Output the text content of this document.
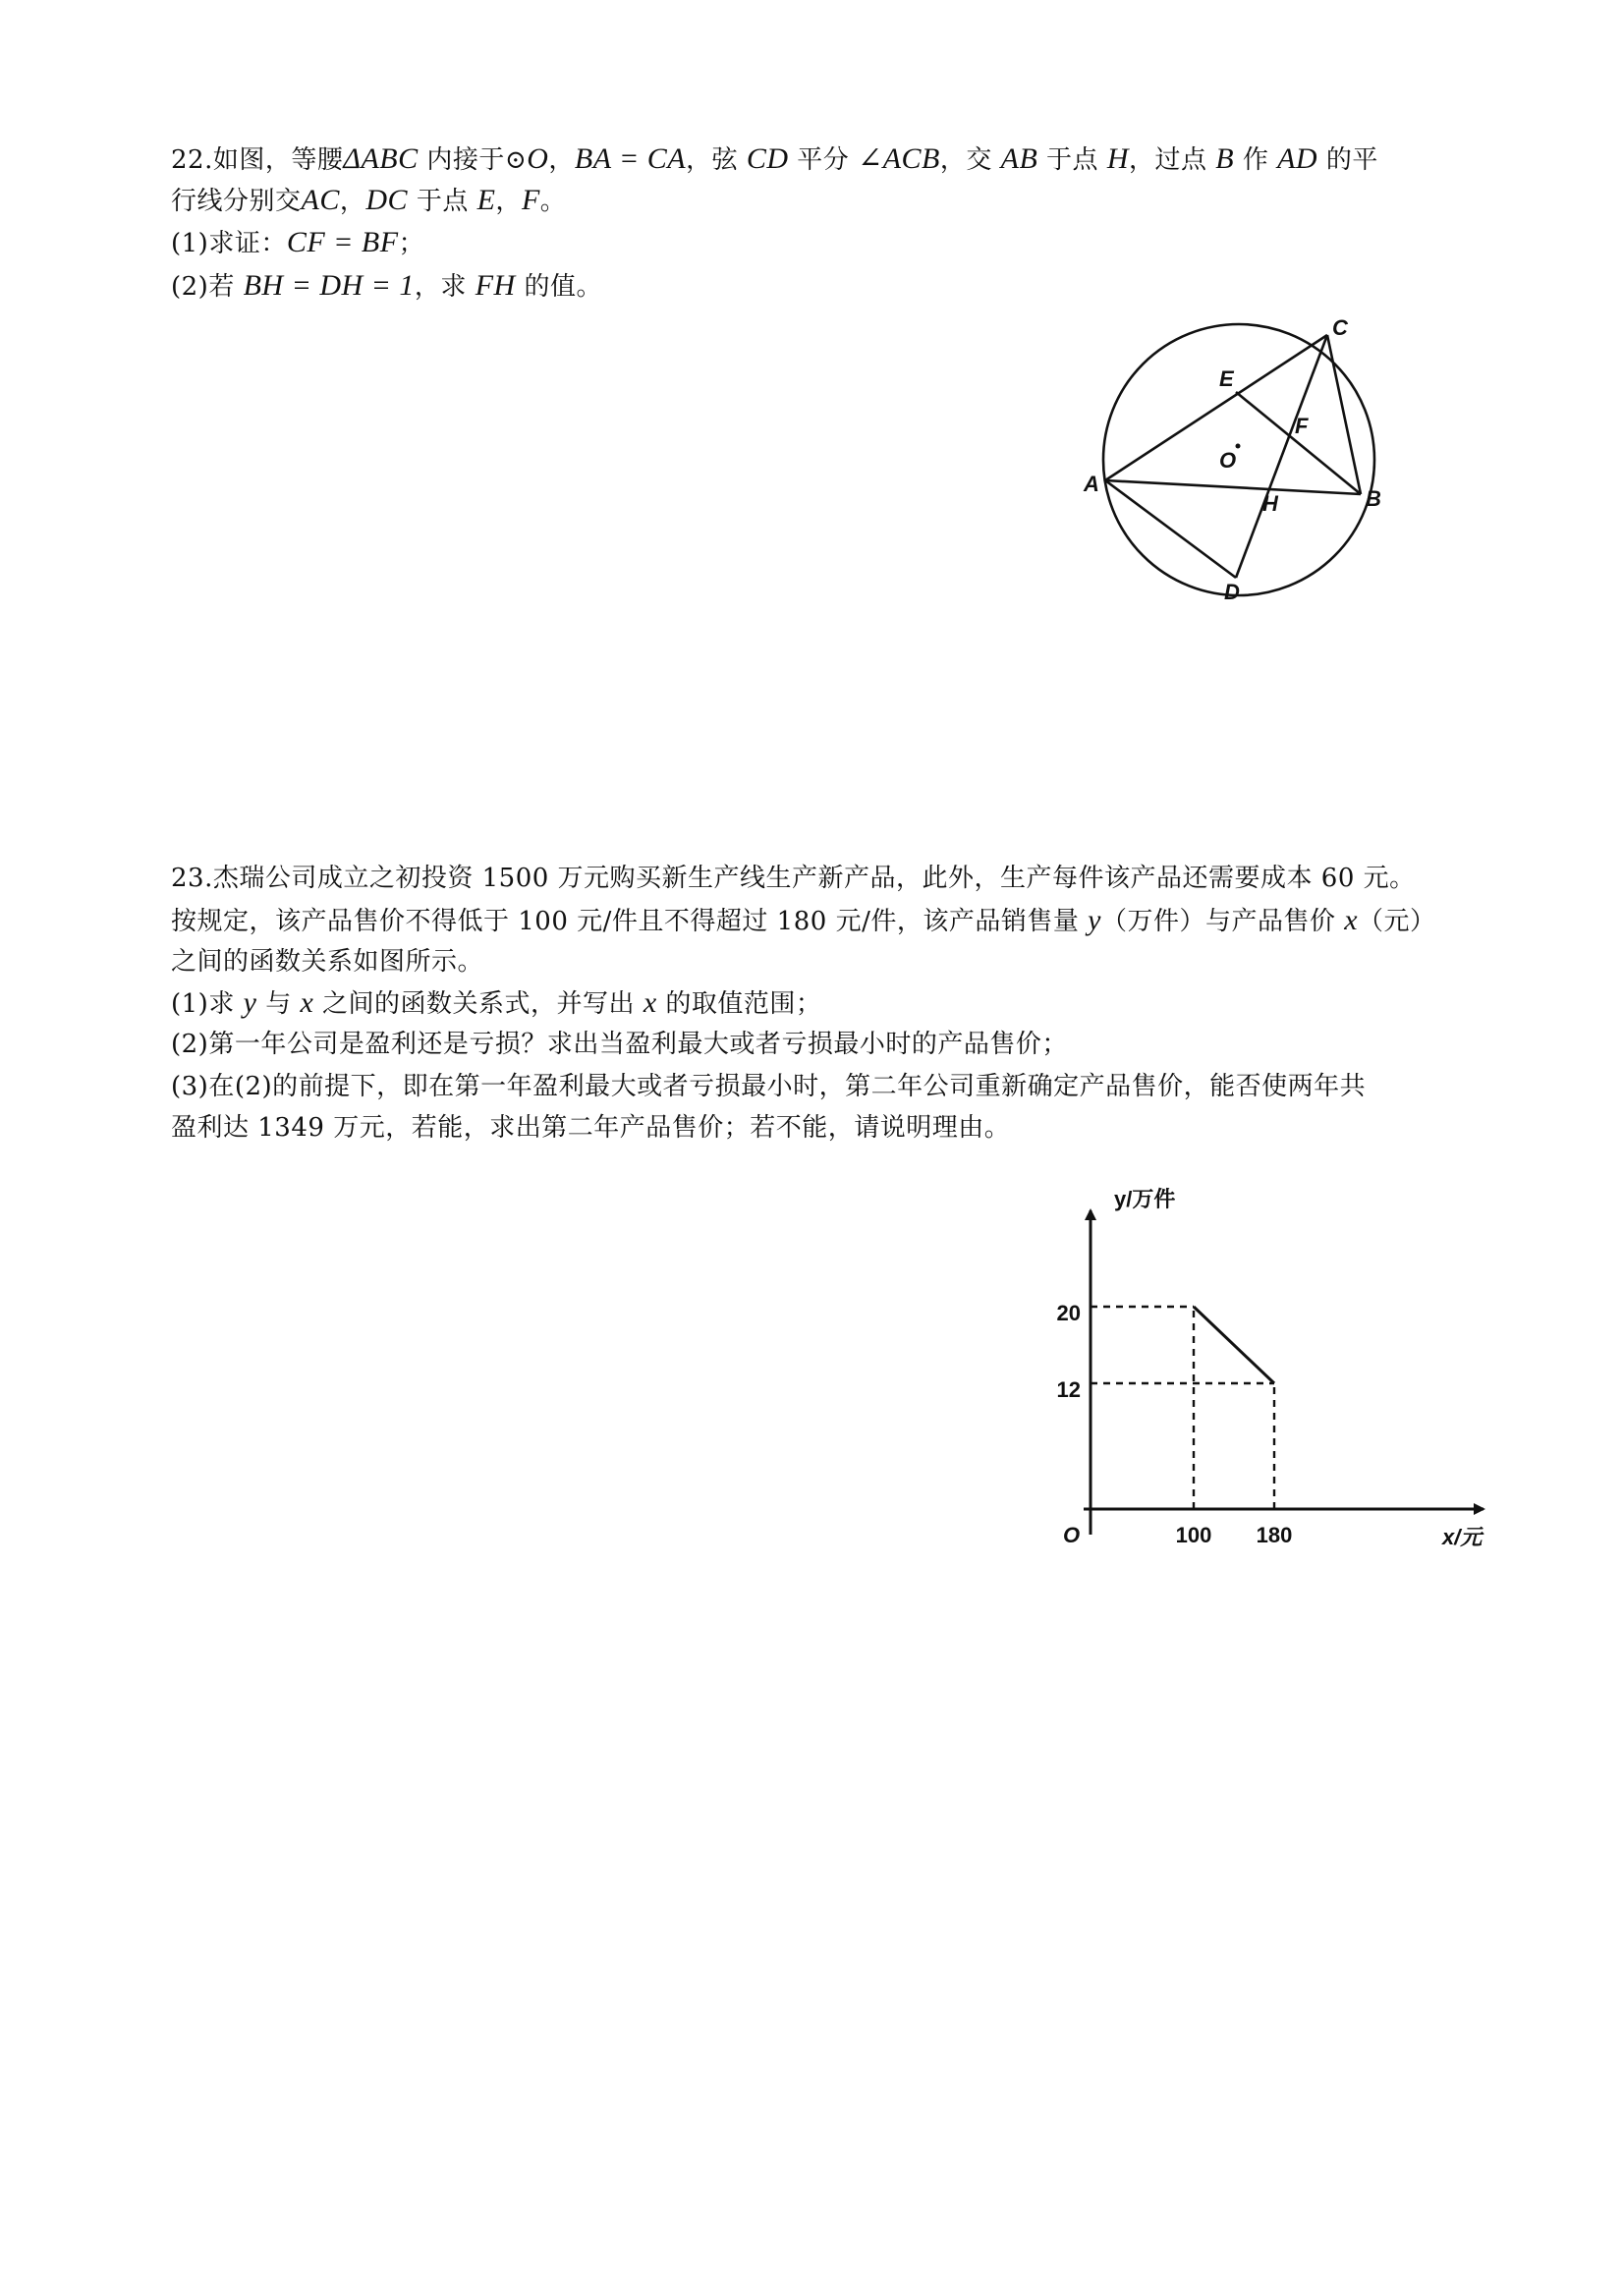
22.如图，等腰ΔABC 内接于⊙O，BA = CA，弦 CD 平分 ∠ACB，交 AB 于点 H，过点 B 作 AD 的平
行线分别交AC，DC 于点 E，F。
(1)求证：CF = BF；
(2)若 BH = DH = 1，求 FH 的值。
C
E
F
O
A
H	B
D
23.杰瑞公司成立之初投资 1500 万元购买新生产线生产新产品，此外，生产每件该产品还需要成本 60 元。
按规定，该产品售价不得低于 100 元/件且不得超过 180 元/件，该产品销售量 y（万件）与产品售价 x（元）
之间的函数关系如图所示。
(1)求 y 与 x 之间的函数关系式，并写出 x 的取值范围；
(2)第一年公司是盈利还是亏损？求出当盈利最大或者亏损最小时的产品售价；
(3)在(2)的前提下，即在第一年盈利最大或者亏损最小时，第二年公司重新确定产品售价，能否使两年共
盈利达 1349 万元，若能，求出第二年产品售价；若不能，请说明理由。
100 180
20
12
y/万件
x/元
O
